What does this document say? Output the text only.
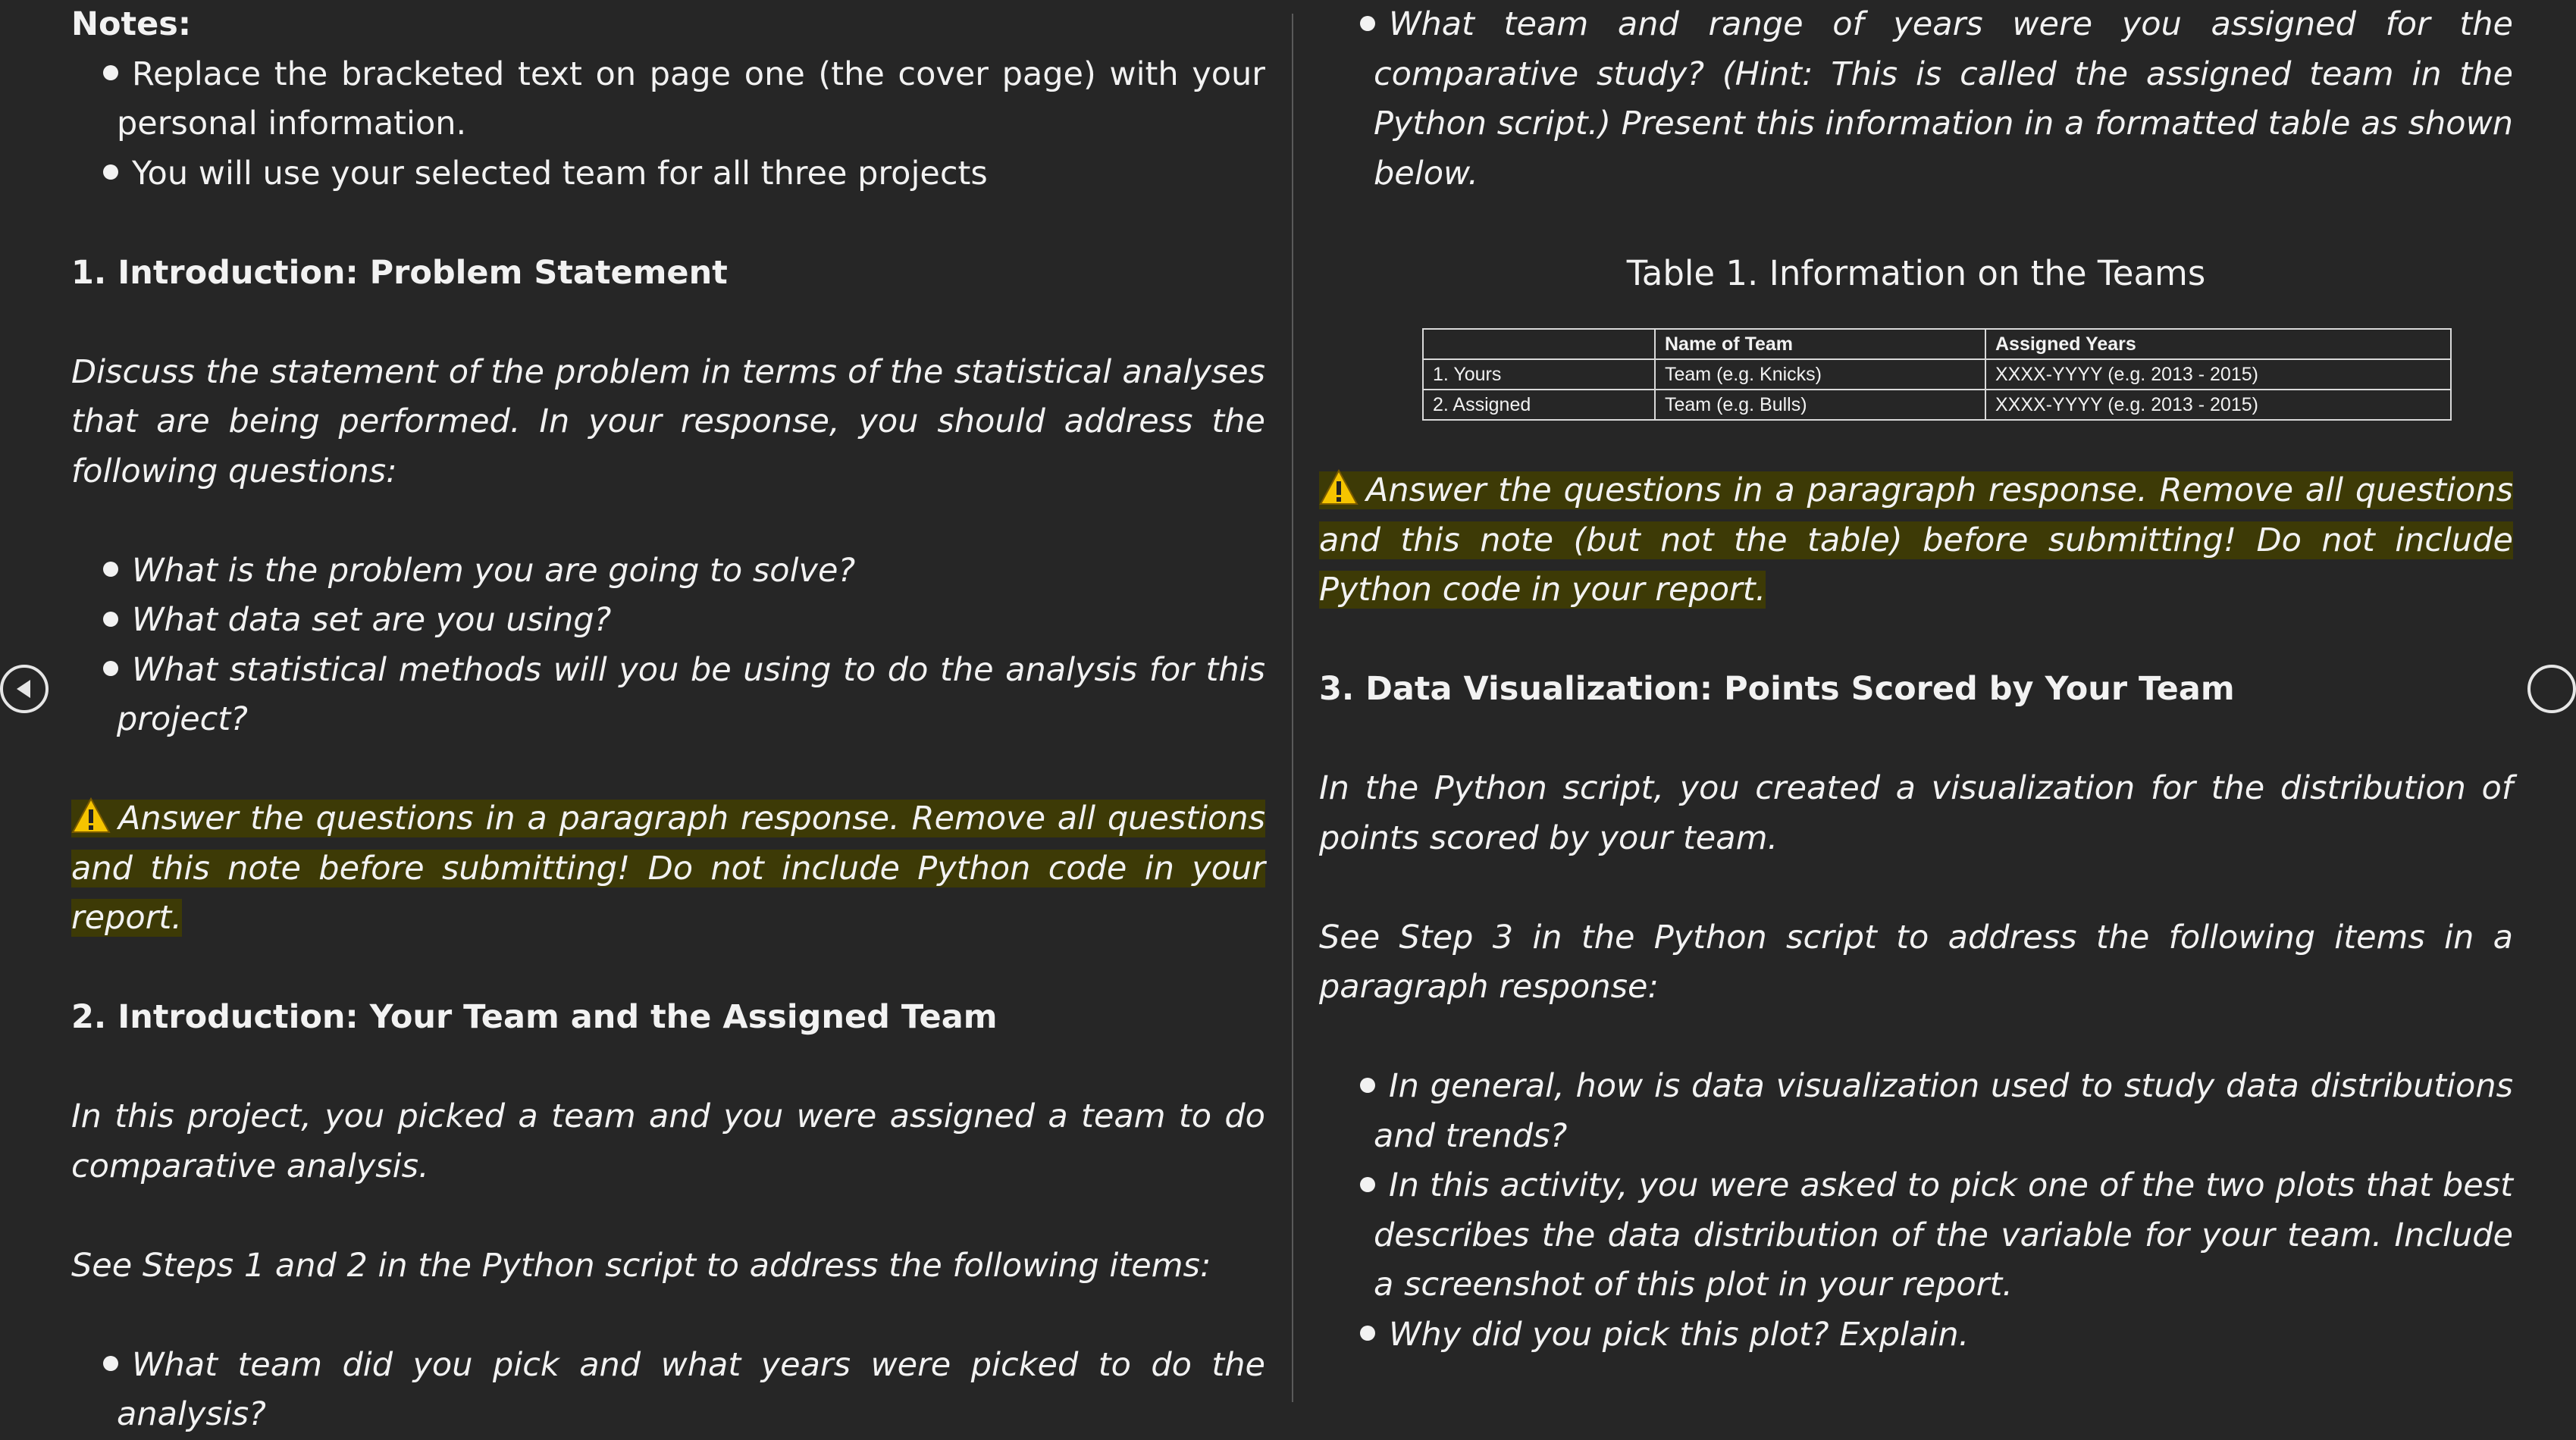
Notes:

Replace the bracketed text on page one (the cover page) with your personal information.
You will use your selected team for all three projects

1. Introduction: Problem Statement

Discuss the statement of the problem in terms of the statistical analyses that are being performed. In your response, you should address the following questions:

What is the problem you are going to solve?
What data set are you using?
What statistical methods will you be using to do the analysis for this project?

Answer the questions in a paragraph response. Remove all questions and this note before submitting! Do not include Python code in your report.

2. Introduction: Your Team and the Assigned Team

In this project, you picked a team and you were assigned a team to do comparative analysis.

See Steps 1 and 2 in the Python script to address the following items:

What team did you pick and what years were picked to do the analysis?
What team and range of years were you assigned for the comparative study? (Hint: This is called the assigned team in the Python script.) Present this information in a formatted table as shown below.

Table 1. Information on the Teams

	Name of Team	Assigned Years
1. Yours	Team (e.g. Knicks)	XXXX-YYYY (e.g. 2013 - 2015)
2. Assigned	Team (e.g. Bulls)	XXXX-YYYY (e.g. 2013 - 2015)

Answer the questions in a paragraph response. Remove all questions and this note (but not the table) before submitting! Do not include Python code in your report.

3. Data Visualization: Points Scored by Your Team

In the Python script, you created a visualization for the distribution of points scored by your team.

See Step 3 in the Python script to address the following items in a paragraph response:

In general, how is data visualization used to study data distributions and trends?
In this activity, you were asked to pick one of the two plots that best describes the data distribution of the variable for your team. Include a screenshot of this plot in your report.
Why did you pick this plot? Explain.
